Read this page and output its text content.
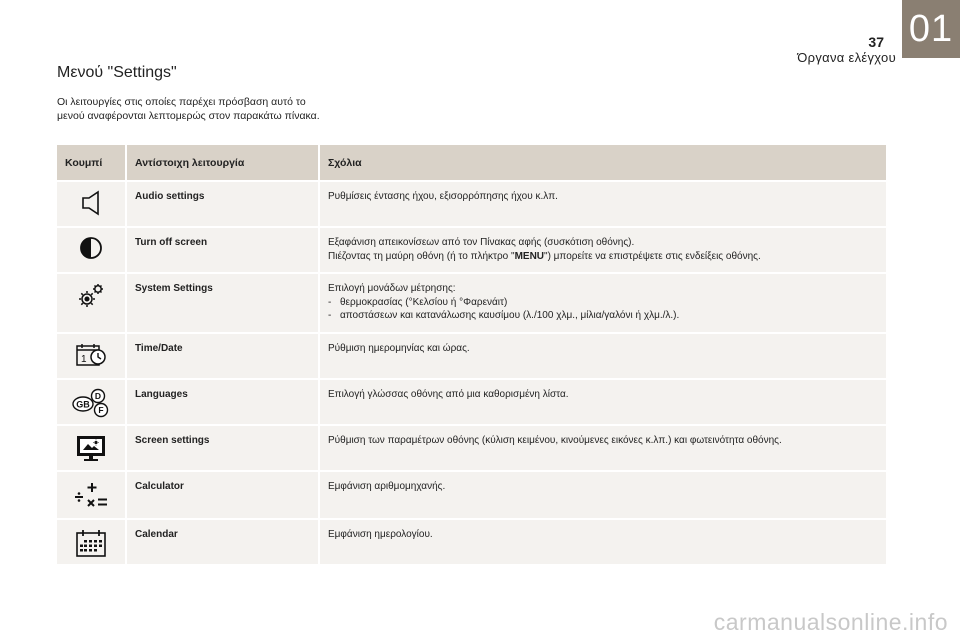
37
Όργανα ελέγχου
01
Μενού "Settings"
Οι λειτουργίες στις οποίες παρέχει πρόσβαση αυτό το μενού αναφέρονται λεπτομερώς στον παρακάτω πίνακα.
Κουμπί	Αντίστοιχη λειτουργία	Σχόλια

	Audio settings	Ρυθμίσεις έντασης ήχου, εξισορρόπησης ήχου κ.λπ.

	Turn off screen	Εξαφάνιση απεικονίσεων από τον Πίνακας αφής (συσκότιση οθόνης).
Πιέζοντας τη μαύρη οθόνη (ή το πλήκτρο "MENU") μπορείτε να επιστρέψετε στις ενδείξεις οθόνης.

	System Settings	Επιλογή μονάδων μέτρησης:
- θερμοκρασίας (°Κελσίου ή °Φαρενάιτ)
- αποστάσεων και κατανάλωσης καυσίμου (λ./100 χλμ., μίλια/γαλόνι ή χλμ./λ.).

1	Time/Date	Ρύθμιση ημερομηνίας και ώρας.

D
GB
F	Languages	Επιλογή γλώσσας οθόνης από μια καθορισμένη λίστα.

	Screen settings	Ρύθμιση των παραμέτρων οθόνης (κύλιση κειμένου, κινούμενες εικόνες κ.λπ.) και φωτεινότητα οθόνης.

	Calculator	Εμφάνιση αριθμομηχανής.

	Calendar	Εμφάνιση ημερολογίου.
carmanualsonline.info
